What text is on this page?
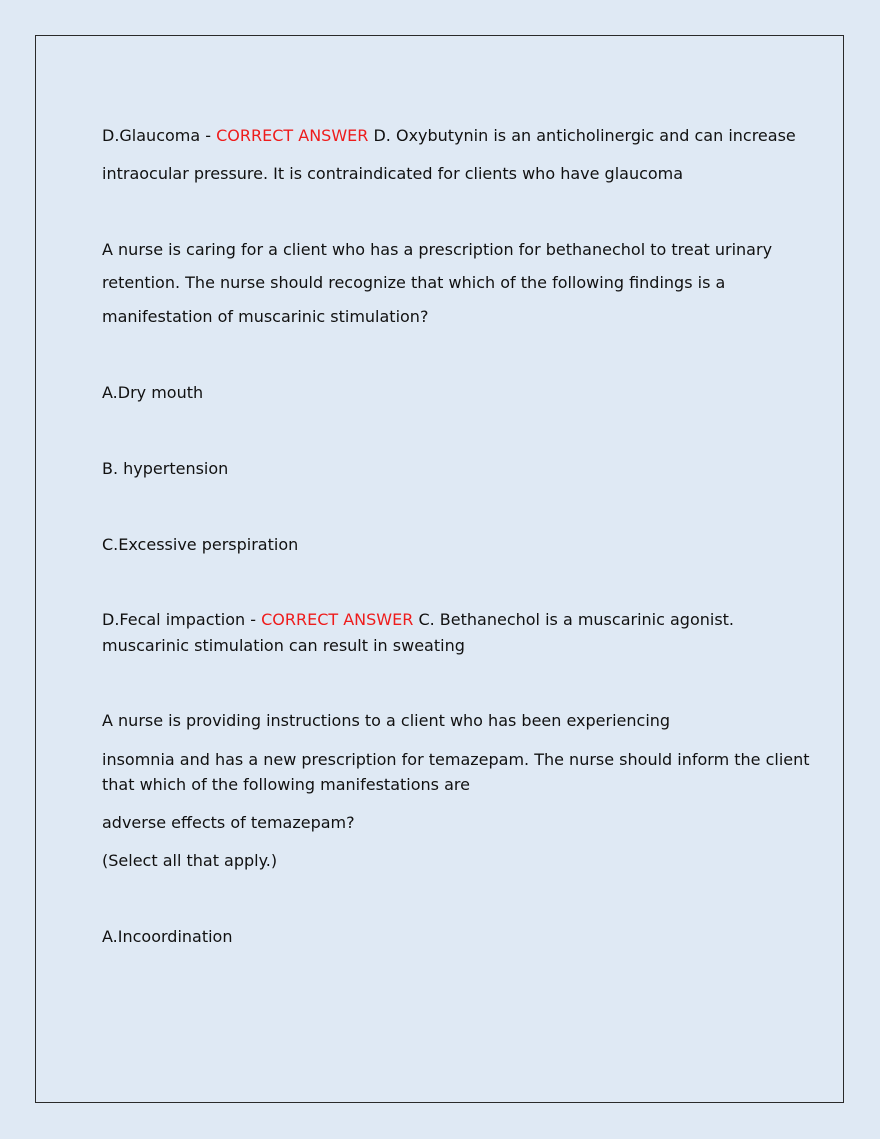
D.Glaucoma - CORRECT ANSWER D. Oxybutynin is an anticholinergic and can increase
intraocular pressure. It is contraindicated for clients who have glaucoma
A nurse is caring for a client who has a prescription for bethanechol to treat urinary
retention. The nurse should recognize that which of the following findings is a
manifestation of muscarinic stimulation?
A.Dry mouth
B. hypertension
C.Excessive perspiration
D.Fecal impaction - CORRECT ANSWER C. Bethanechol is a muscarinic agonist.
muscarinic stimulation can result in sweating
A nurse is providing instructions to a client who has been experiencing
insomnia and has a new prescription for temazepam. The nurse should inform the client
that which of the following manifestations are
adverse effects of temazepam?
(Select all that apply.)
A.Incoordination
